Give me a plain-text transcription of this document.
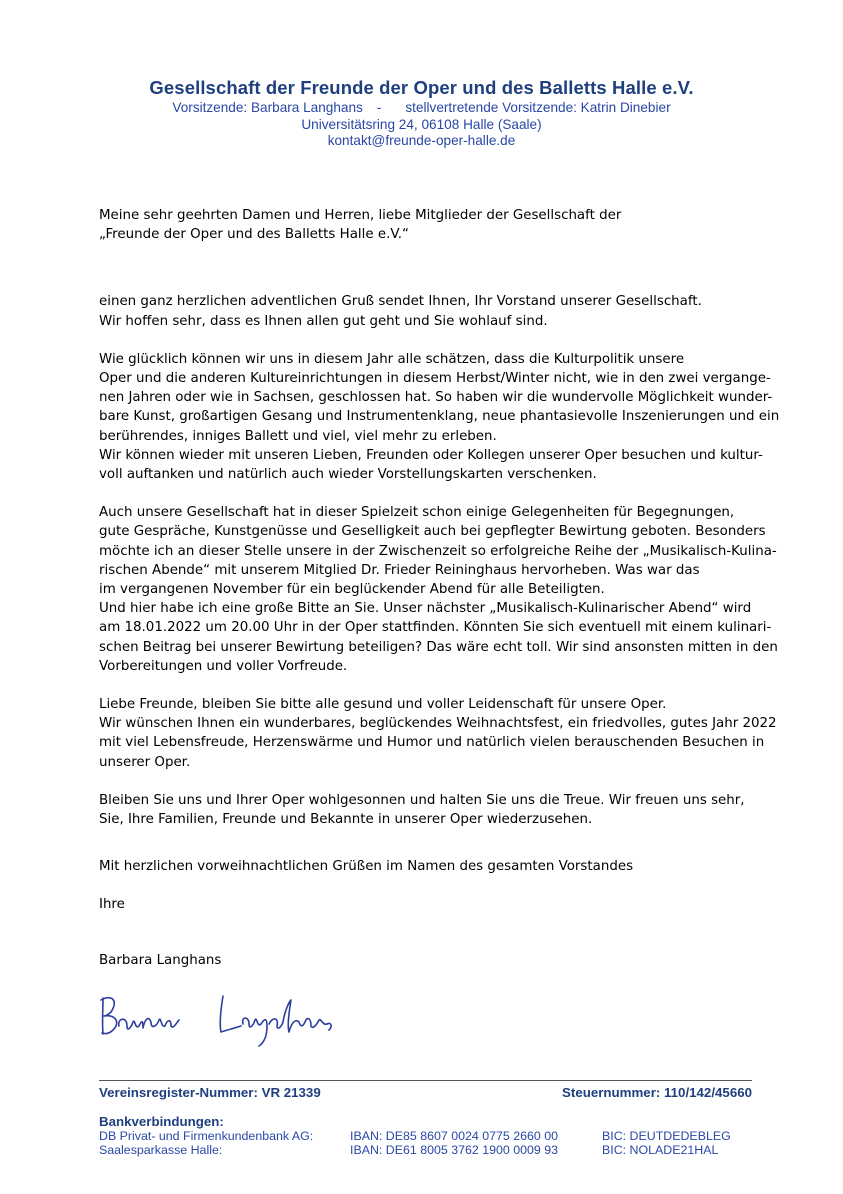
Gesellschaft der Freunde der Oper und des Balletts Halle e.V.
Vorsitzende: Barbara Langhans - stellvertretende Vorsitzende: Katrin Dinebier
Universitätsring 24, 06108 Halle (Saale)
kontakt@freunde-oper-halle.de
Meine sehr geehrten Damen und Herren, liebe Mitglieder der Gesellschaft der
„Freunde der Oper und des Balletts Halle e.V.“
einen ganz herzlichen adventlichen Gruß sendet Ihnen, Ihr Vorstand unserer Gesellschaft.
Wir hoffen sehr, dass es Ihnen allen gut geht und Sie wohlauf sind.
Wie glücklich können wir uns in diesem Jahr alle schätzen, dass die Kulturpolitik unsere
Oper und die anderen Kultureinrichtungen in diesem Herbst/Winter nicht, wie in den zwei vergange-
nen Jahren oder wie in Sachsen, geschlossen hat. So haben wir die wundervolle Möglichkeit wunder-
bare Kunst, großartigen Gesang und Instrumentenklang, neue phantasievolle Inszenierungen und ein
berührendes, inniges Ballett und viel, viel mehr zu erleben.
Wir können wieder mit unseren Lieben, Freunden oder Kollegen unserer Oper besuchen und kultur-
voll auftanken und natürlich auch wieder Vorstellungskarten verschenken.
Auch unsere Gesellschaft hat in dieser Spielzeit schon einige Gelegenheiten für Begegnungen,
gute Gespräche, Kunstgenüsse und Geselligkeit auch bei gepflegter Bewirtung geboten. Besonders
möchte ich an dieser Stelle unsere in der Zwischenzeit so erfolgreiche Reihe der „Musikalisch-Kulina-
rischen Abende“ mit unserem Mitglied Dr. Frieder Reininghaus hervorheben. Was war das
im vergangenen November für ein beglückender Abend für alle Beteiligten.
Und hier habe ich eine große Bitte an Sie. Unser nächster „Musikalisch-Kulinarischer Abend“ wird
am 18.01.2022 um 20.00 Uhr in der Oper stattfinden. Könnten Sie sich eventuell mit einem kulinari-
schen Beitrag bei unserer Bewirtung beteiligen? Das wäre echt toll. Wir sind ansonsten mitten in den
Vorbereitungen und voller Vorfreude.
Liebe Freunde, bleiben Sie bitte alle gesund und voller Leidenschaft für unsere Oper.
Wir wünschen Ihnen ein wunderbares, beglückendes Weihnachtsfest, ein friedvolles, gutes Jahr 2022
mit viel Lebensfreude, Herzenswärme und Humor und natürlich vielen berauschenden Besuchen in
unserer Oper.
Bleiben Sie uns und Ihrer Oper wohlgesonnen und halten Sie uns die Treue. Wir freuen uns sehr,
Sie, Ihre Familien, Freunde und Bekannte in unserer Oper wiederzusehen.
Mit herzlichen vorweihnachtlichen Grüßen im Namen des gesamten Vorstandes
Ihre
Barbara Langhans
Vereinsregister-Nummer: VR 21339	Steuernummer: 110/142/45660
Bankverbindungen:
DB Privat- und Firmenkundenbank AG:	IBAN: DE85 8607 0024 0775 2660 00	BIC: DEUTDEDEBLEG
Saalesparkasse Halle:	IBAN: DE61 8005 3762 1900 0009 93	BIC: NOLADE21HAL
